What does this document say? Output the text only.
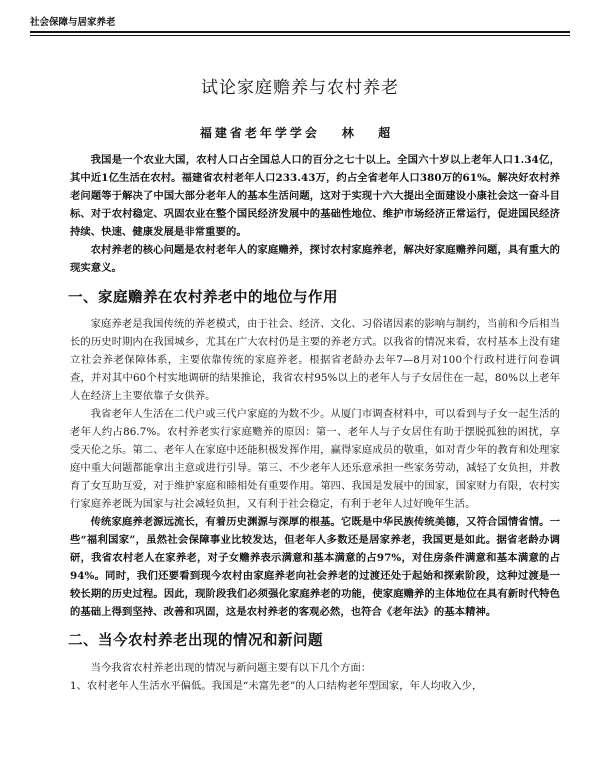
社会保障与居家养老
试论家庭赡养与农村养老
福建省老年学学会 林 超

我国是一个农业大国，农村人口占全国总人口的百分之七十以上。全国六十岁以上老年人口1.34亿，其中近1亿生活在农村。福建省农村老年人口233.43万，约占全省老年人口380万的61%。解决好农村养老问题等于解决了中国大部分老年人的基本生活问题，这对于实现十六大提出全面建设小康社会这一奋斗目标、对于农村稳定、巩固农业在整个国民经济发展中的基础性地位、维护市场经济正常运行，促进国民经济持续、快速、健康发展是非常重要的。

农村养老的核心问题是农村老年人的家庭赡养，探讨农村家庭养老，解决好家庭赡养问题，具有重大的现实意义。

一、家庭赡养在农村养老中的地位与作用

家庭养老是我国传统的养老模式，由于社会、经济、文化、习俗诸因素的影响与制约，当前和今后相当长的历史时期内在我国城乡，尤其在广大农村仍是主要的养老方式。以我省的情况来看，农村基本上没有建立社会养老保障体系，主要依靠传统的家庭养老。根据省老龄办去年7—8月对100个行政村进行问卷调查，并对其中60个村实地调研的结果推论，我省农村95%以上的老年人与子女居住在一起，80%以上老年人在经济上主要依靠子女供养。

我省老年人生活在二代户或三代户家庭的为数不少。从厦门市调查材料中，可以看到与子女一起生活的老年人约占86.7%。农村养老实行家庭赡养的原因：第一、老年人与子女居住有助于摆脱孤独的困扰，享受天伦之乐。第二、老年人在家庭中还能积极发挥作用，赢得家庭成员的敬重，如对青少年的教育和处理家庭中重大问题都能拿出主意或进行引导。第三、不少老年人还乐意承担一些家务劳动，减轻了女负担，并教育了女互助互爱，对于维护家庭和睦相处有重要作用。第四、我国是发展中的国家，国家财力有限，农村实行家庭养老既为国家与社会减轻负担，又有利于社会稳定，有利于老年人过好晚年生活。

传统家庭养老源远流长，有着历史渊源与深厚的根基。它既是中华民族传统美德，又符合国情省情。一些“福利国家”，虽然社会保障事业比较发达，但老年人多数还是居家养老，我国更是如此。据省老龄办调研，我省农村老人在家养老，对子女赡养表示满意和基本满意的占97%，对住房条件满意和基本满意的占94%。同时，我们还要看到现今农村由家庭养老向社会养老的过渡还处于起始和探索阶段，这种过渡是一较长期的历史过程。因此，现阶段我们必须强化家庭养老的功能，使家庭赡养的主体地位在具有新时代特色的基础上得到坚持、改善和巩固，这是农村养老的客观必然，也符合《老年法》的基本精神。

二、当今农村养老出现的情况和新问题

当今我省农村养老出现的情况与新问题主要有以下几个方面：

1、农村老年人生活水平偏低。我国是“未富先老”的人口结构老年型国家，年人均收入少，
